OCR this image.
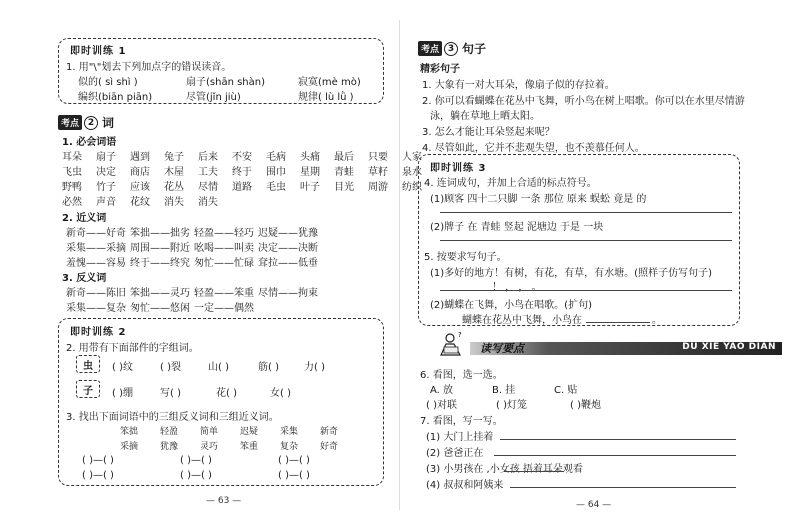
即时训练 1
1. 用"\"划去下列加点字的错误读音。
似的( sì shì )	扇子(shān shàn)	寂寞(mè mò)
编织(biān piān)	尽管(jǐn jiù)	规律( lù lǜ )
考点 2 词
1. 必会词语
耳朵	扇子	遇到	兔子	后来	不安	毛病	头痛	最后	只要	人家
飞虫	决定	商店	木屋	工夫	终于	围巾	星期	青蛙	草籽	泉水
野鸭	竹子	应该	花丛	尽情	道路	毛虫	叶子	目光	周游	纺织
必然	声音	花纹	消失	消失
2. 近义词
新奇——好奇 笨拙——拙劣 轻盈——轻巧 迟疑——犹豫
采集——采摘 周围——附近 吆喝——叫卖 决定——决断
羞愧——容易 终于——终究 匆忙——忙碌 耷拉——低垂
3. 反义词
新奇——陈旧 笨拙——灵巧 轻盈——笨重 尽情——拘束
采集——复杂 匆忙——悠闲 一定——偶然
即时训练 2
2. 用带有下面部件的字组词。
虫 ( )纹	( )裂	山( )	筋( )	力( )
子 ( )绷	写( )	花( )	女( )
3. 找出下面词语中的三组反义词和三组近义词。
笨拙	轻盈	简单	迟疑	采集	新奇
采摘	犹豫	灵巧	笨重	复杂	好奇
( )—( )	( )—( )	( )—( )
( )—( )	( )—( )	( )—( )
— 63 —
考点 3 句子
精彩句子
1. 大象有一对大耳朵，像扇子似的存拉着。
2. 你可以看蝴蝶在花丛中飞舞，听小鸟在树上唱歌。你可以在水里尽情游
泳，躺在草地上晒太阳。
3. 怎么才能让耳朵竖起来呢？
4. 尽管如此，它并不悲观失望，也不羡慕任何人。
即时训练 3
4. 连词成句，并加上合适的标点符号。
(1)顾客 四十二只脚 一条 那位 原来 蜈蚣 竟是 的
(2)牌子 在 青蛙 竖起 泥塘边 于是 一块
5. 按要求写句子。
(1)多好的地方！有树，有花，有草，有水塘。(照样子仿写句子)
！ ， ， 。
(2)蝴蝶在飞舞，小鸟在唱歌。(扩句)
蝴蝶在花丛中飞舞，小鸟在	。
?
读写要点	DU XIE YAO DIAN
6. 看图，选一选。
A. 放	B. 挂	C. 贴
( )对联	( )灯笼	( )鞭炮
7. 看图，写一写。
(1) 大门上挂着
(2) 爸爸正在
(3) 小男孩在 ,小女孩 捂着耳朵观看
(4) 叔叔和阿姨来
— 64 —
